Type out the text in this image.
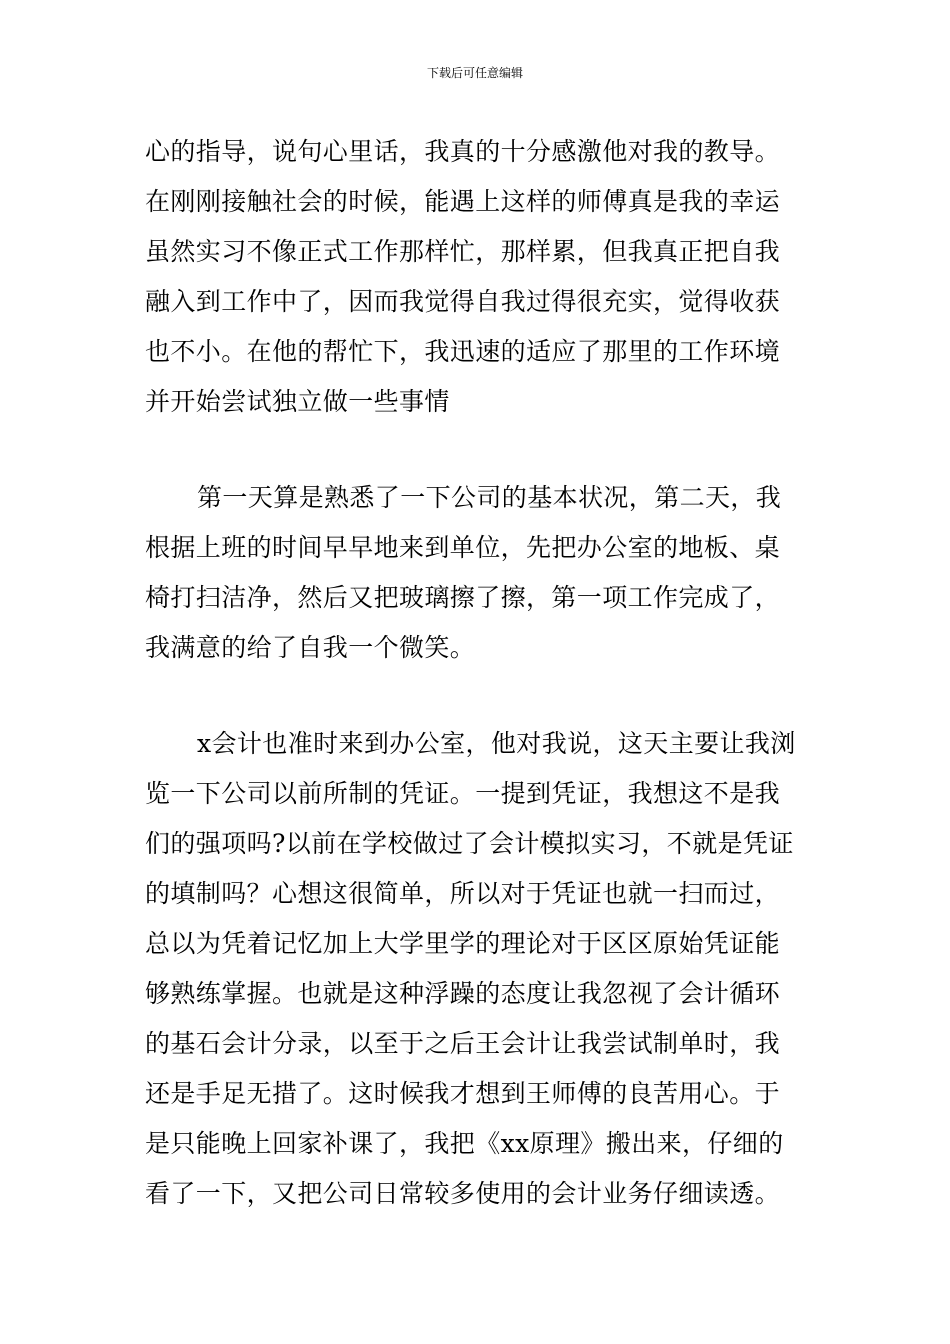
下载后可任意编辑
心的指导，说句心里话，我真的十分感激他对我的教导。
在刚刚接触社会的时候，能遇上这样的师傅真是我的幸运
虽然实习不像正式工作那样忙，那样累，但我真正把自我
融入到工作中了，因而我觉得自我过得很充实，觉得收获
也不小。在他的帮忙下，我迅速的适应了那里的工作环境
并开始尝试独立做一些事情
第一天算是熟悉了一下公司的基本状况，第二天，我
根据上班的时间早早地来到单位，先把办公室的地板、桌
椅打扫洁净，然后又把玻璃擦了擦，第一项工作完成了，
我满意的给了自我一个微笑。
x会计也准时来到办公室，他对我说，这天主要让我浏
览一下公司以前所制的凭证。一提到凭证，我想这不是我
们的强项吗?以前在学校做过了会计模拟实习，不就是凭证
的填制吗？心想这很简单，所以对于凭证也就一扫而过，
总以为凭着记忆加上大学里学的理论对于区区原始凭证能
够熟练掌握。也就是这种浮躁的态度让我忽视了会计循环
的基石会计分录，以至于之后王会计让我尝试制单时，我
还是手足无措了。这时候我才想到王师傅的良苦用心。于
是只能晚上回家补课了，我把《xx原理》搬出来，仔细的
看了一下，又把公司日常较多使用的会计业务仔细读透。
